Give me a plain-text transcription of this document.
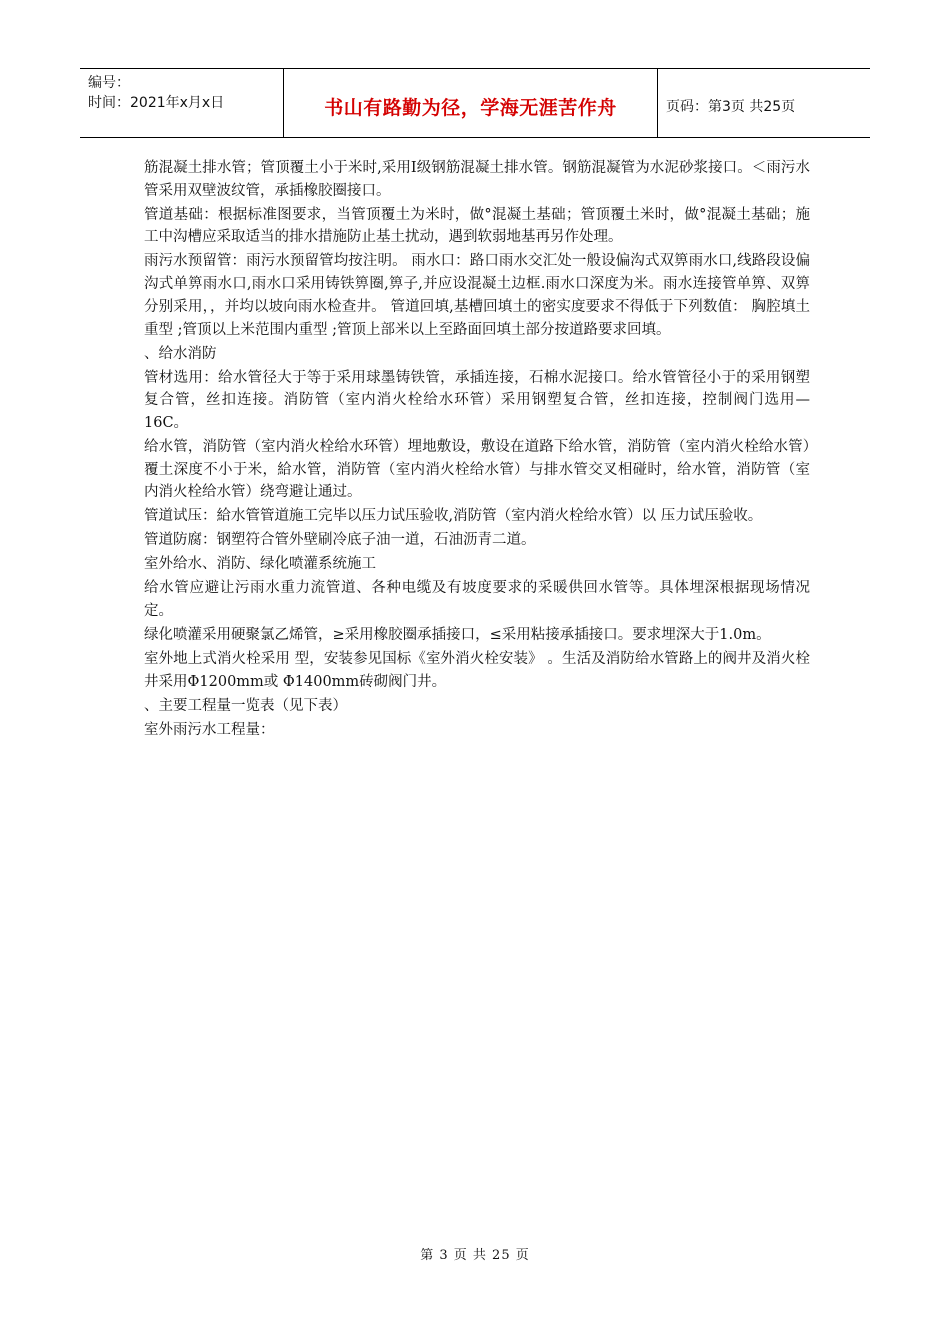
编号：
时间：2021年x月x日	书山有路勤为径，学海无涯苦作舟	页码：第3页 共25页

筋混凝土排水管；管顶覆土小于米时,采用Ⅰ级钢筋混凝土排水管。钢筋混凝管为水泥砂浆接口。＜雨污水管采用双壁波纹管，承插橡胶圈接口。

管道基础：根据标准图要求，当管顶覆土为米时，做°混凝土基础；管顶覆土米时，做°混凝土基础；施工中沟槽应采取适当的排水措施防止基土扰动，遇到软弱地基再另作处理。

雨污水预留管：雨污水预留管均按注明。 雨水口：路口雨水交汇处一般设偏沟式双箅雨水口,线路段设偏沟式单箅雨水口,雨水口采用铸铁箅圈,箅子,并应设混凝土边框.雨水口深度为米。雨水连接管单箅、双箅分别采用，，并均以坡向雨水检查井。 管道回填,基槽回填土的密实度要求不得低于下列数值： 胸腔填土重型 ;管顶以上米范围内重型 ;管顶上部米以上至路面回填土部分按道路要求回填。

、给水消防

管材选用：给水管径大于等于采用球墨铸铁管，承插连接，石棉水泥接口。给水管管径小于的采用钢塑复合管，丝扣连接。消防管（室内消火栓给水环管）采用钢塑复合管，丝扣连接，控制阀门选用—16C。

给水管，消防管（室内消火栓给水环管）埋地敷设，敷设在道路下给水管，消防管（室内消火栓给水管）覆土深度不小于米，給水管，消防管（室内消火栓给水管）与排水管交叉相碰时，给水管，消防管（室内消火栓给水管）绕弯避让通过。

管道试压：給水管管道施工完毕以压力试压验收,消防管（室内消火栓给水管）以 压力试压验收。

管道防腐：钢塑符合管外壁刷冷底子油一道，石油沥青二道。

室外给水、消防、绿化喷灌系统施工

给水管应避让污雨水重力流管道、各种电缆及有坡度要求的采暖供回水管等。具体埋深根据现场情况定。

绿化喷灌采用硬聚氯乙烯管，≥采用橡胶圈承插接口，≤采用粘接承插接口。要求埋深大于1.0m。

室外地上式消火栓采用 型，安装参见国标《室外消火栓安装》 。生活及消防给水管路上的阀井及消火栓井采用Φ1200mm或 Φ1400mm砖砌阀门井。

、主要工程量一览表（见下表）

室外雨污水工程量：

第 3 页 共 25 页
